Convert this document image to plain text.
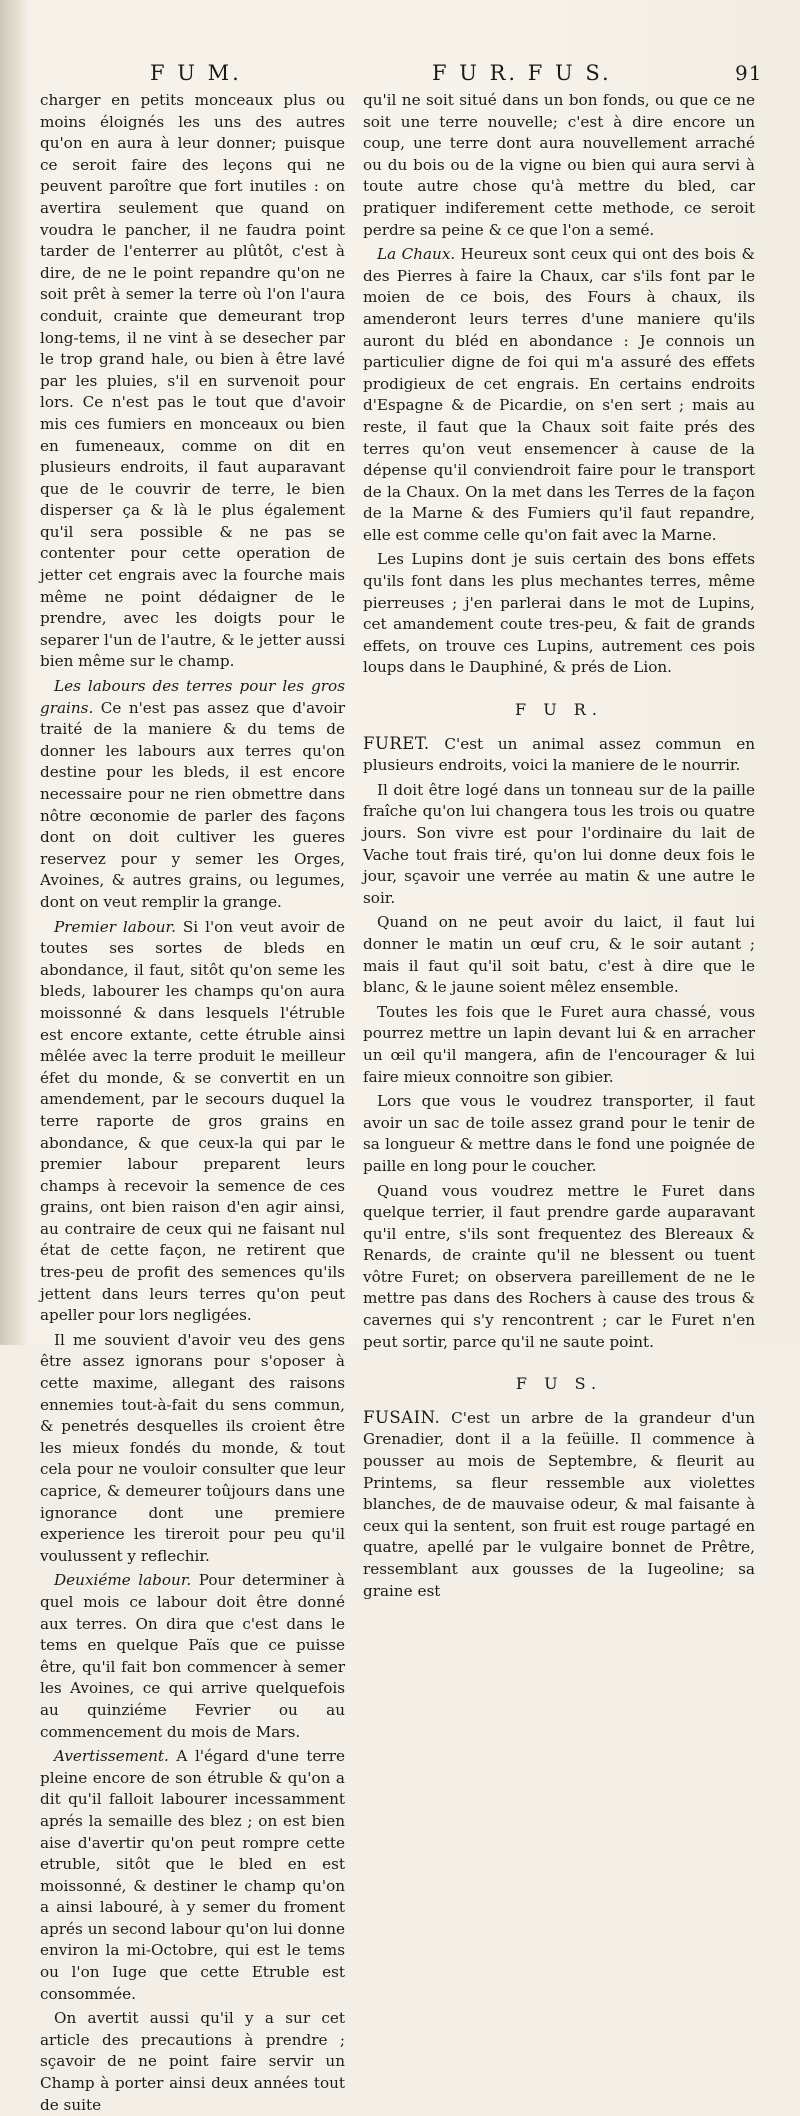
F U M.	F U R. F U S.	91

charger en petits monceaux plus ou moins éloignés les uns des autres qu'on en aura à leur donner; puisque ce seroit faire des leçons qui ne peuvent paroître que fort inutiles : on avertira seulement que quand on voudra le pancher, il ne faudra point tarder de l'enterrer au plûtôt, c'est à dire, de ne le point repandre qu'on ne soit prêt à semer la terre où l'on l'aura conduit, crainte que demeurant trop long-tems, il ne vint à se desecher par le trop grand hale, ou bien à être lavé par les pluies, s'il en survenoit pour lors. Ce n'est pas le tout que d'avoir mis ces fumiers en monceaux ou bien en fumeneaux, comme on dit en plusieurs endroits, il faut auparavant que de le couvrir de terre, le bien disperser ça & là le plus également qu'il sera possible & ne pas se contenter pour cette operation de jetter cet engrais avec la fourche mais même ne point dédaigner de le prendre, avec les doigts pour le separer l'un de l'autre, & le jetter aussi bien même sur le champ.

Les labours des terres pour les gros grains. Ce n'est pas assez que d'avoir traité de la maniere & du tems de donner les labours aux terres qu'on destine pour les bleds, il est encore necessaire pour ne rien obmettre dans nôtre œconomie de parler des façons dont on doit cultiver les gueres reservez pour y semer les Orges, Avoines, & autres grains, ou legumes, dont on veut remplir la grange.

Premier labour. Si l'on veut avoir de toutes ses sortes de bleds en abondance, il faut, sitôt qu'on seme les bleds, labourer les champs qu'on aura moissonné & dans lesquels l'étruble est encore extante, cette étruble ainsi mêlée avec la terre produit le meilleur éfet du monde, & se convertit en un amendement, par le secours duquel la terre raporte de gros grains en abondance, & que ceux-la qui par le premier labour preparent leurs champs à recevoir la semence de ces grains, ont bien raison d'en agir ainsi, au contraire de ceux qui ne faisant nul état de cette façon, ne retirent que tres-peu de profit des semences qu'ils jettent dans leurs terres qu'on peut apeller pour lors negligées.

Il me souvient d'avoir veu des gens être assez ignorans pour s'oposer à cette maxime, allegant des raisons ennemies tout-à-fait du sens commun, & penetrés desquelles ils croient être les mieux fondés du monde, & tout cela pour ne vouloir consulter que leur caprice, & demeurer toûjours dans une ignorance dont une premiere experience les tireroit pour peu qu'il voulussent y reflechir.

Deuxiéme labour. Pour determiner à quel mois ce labour doit être donné aux terres. On dira que c'est dans le tems en quelque Païs que ce puisse être, qu'il fait bon commencer à semer les Avoines, ce qui arrive quelquefois au quinziéme Fevrier ou au commencement du mois de Mars.

Avertissement. A l'égard d'une terre pleine encore de son étruble & qu'on a dit qu'il falloit labourer incessamment aprés la semaille des blez ; on est bien aise d'avertir qu'on peut rompre cette etruble, sitôt que le bled en est moissonné, & destiner le champ qu'on a ainsi labouré, à y semer du froment aprés un second labour qu'on lui donne environ la mi-Octobre, qui est le tems ou l'on Iuge que cette Etruble est consommée.

On avertit aussi qu'il y a sur cet article des precautions à prendre ; sçavoir de ne point faire servir un Champ à porter ainsi deux années tout de suite

qu'il ne soit situé dans un bon fonds, ou que ce ne soit une terre nouvelle; c'est à dire encore un coup, une terre dont aura nouvellement arraché ou du bois ou de la vigne ou bien qui aura servi à toute autre chose qu'à mettre du bled, car pratiquer indiferement cette methode, ce seroit perdre sa peine & ce que l'on a semé.

La Chaux. Heureux sont ceux qui ont des bois & des Pierres à faire la Chaux, car s'ils font par le moien de ce bois, des Fours à chaux, ils amenderont leurs terres d'une maniere qu'ils auront du bléd en abondance : Je connois un particulier digne de foi qui m'a assuré des effets prodigieux de cet engrais. En certains endroits d'Espagne & de Picardie, on s'en sert ; mais au reste, il faut que la Chaux soit faite prés des terres qu'on veut ensemencer à cause de la dépense qu'il conviendroit faire pour le transport de la Chaux. On la met dans les Terres de la façon de la Marne & des Fumiers qu'il faut repandre, elle est comme celle qu'on fait avec la Marne.

Les Lupins dont je suis certain des bons effets qu'ils font dans les plus mechantes terres, même pierreuses ; j'en parlerai dans le mot de Lupins, cet amandement coute tres-peu, & fait de grands effets, on trouve ces Lupins, autrement ces pois loups dans le Dauphiné, & prés de Lion.

F U R.

FURET. C'est un animal assez commun en plusieurs endroits, voici la maniere de le nourrir.

Il doit être logé dans un tonneau sur de la paille fraîche qu'on lui changera tous les trois ou quatre jours. Son vivre est pour l'ordinaire du lait de Vache tout frais tiré, qu'on lui donne deux fois le jour, sçavoir une verrée au matin & une autre le soir.

Quand on ne peut avoir du laict, il faut lui donner le matin un œuf cru, & le soir autant ; mais il faut qu'il soit batu, c'est à dire que le blanc, & le jaune soient mêlez ensemble.

Toutes les fois que le Furet aura chassé, vous pourrez mettre un lapin devant lui & en arracher un œil qu'il mangera, afin de l'encourager & lui faire mieux connoitre son gibier.

Lors que vous le voudrez transporter, il faut avoir un sac de toile assez grand pour le tenir de sa longueur & mettre dans le fond une poignée de paille en long pour le coucher.

Quand vous voudrez mettre le Furet dans quelque terrier, il faut prendre garde auparavant qu'il entre, s'ils sont frequentez des Blereaux & Renards, de crainte qu'il ne blessent ou tuent vôtre Furet; on observera pareillement de ne le mettre pas dans des Rochers à cause des trous & cavernes qui s'y rencontrent ; car le Furet n'en peut sortir, parce qu'il ne saute point.

F U S.

FUSAIN. C'est un arbre de la grandeur d'un Grenadier, dont il a la feüille. Il commence à pousser au mois de Septembre, & fleurit au Printems, sa fleur ressemble aux violettes blanches, de de mauvaise odeur, & mal faisante à ceux qui la sentent, son fruit est rouge partagé en quatre, apellé par le vulgaire bonnet de Prêtre, ressemblant aux gousses de la Iugeoline; sa graine est
